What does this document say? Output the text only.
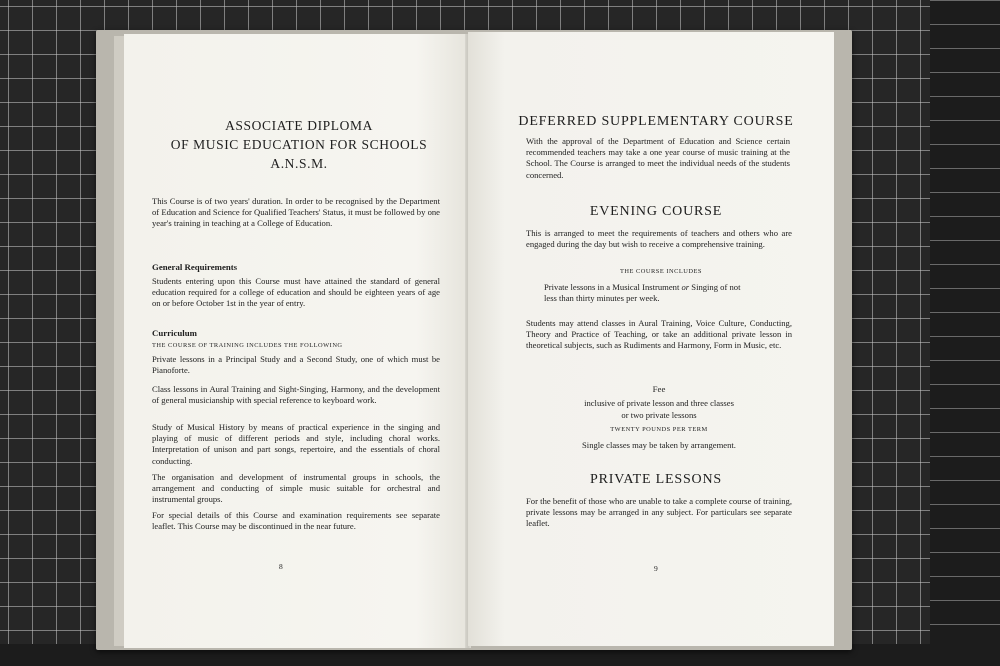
ASSOCIATE DIPLOMA
OF MUSIC EDUCATION FOR SCHOOLS
A.N.S.M.

This Course is of two years' duration. In order to be recognised by the Department of Education and Science for Qualified Teachers' Status, it must be followed by one year's training in teaching at a College of Education.

General Requirements

Students entering upon this Course must have attained the standard of general education required for a college of education and should be eighteen years of age on or before October 1st in the year of entry.

Curriculum

THE COURSE OF TRAINING INCLUDES THE FOLLOWING

Private lessons in a Principal Study and a Second Study, one of which must be Pianoforte.

Class lessons in Aural Training and Sight-Singing, Harmony, and the development of general musicianship with special reference to keyboard work.

Study of Musical History by means of practical experience in the singing and playing of music of different periods and style, including choral works. Interpretation of unison and part songs, repertoire, and the essentials of choral conducting.

The organisation and development of instrumental groups in schools, the arrangement and conducting of simple music suitable for orchestral and instrumental groups.

For special details of this Course and examination requirements see separate leaflet. This Course may be discontinued in the near future.

8

DEFERRED SUPPLEMENTARY COURSE

With the approval of the Department of Education and Science certain recommended teachers may take a one year course of music training at the School. The Course is arranged to meet the individual needs of the students concerned.

EVENING COURSE

This is arranged to meet the requirements of teachers and others who are engaged during the day but wish to receive a comprehensive training.

THE COURSE INCLUDES

Private lessons in a Musical Instrument or Singing of not
less than thirty minutes per week.

Students may attend classes in Aural Training, Voice Culture, Conducting, Theory and Practice of Teaching, or take an additional private lesson in theoretical subjects, such as Rudiments and Harmony, Form in Music, etc.

Fee

inclusive of private lesson and three classes

or two private lessons

TWENTY POUNDS PER TERM

Single classes may be taken by arrangement.

PRIVATE LESSONS

For the benefit of those who are unable to take a complete course of training, private lessons may be arranged in any subject. For particulars see separate leaflet.

9
